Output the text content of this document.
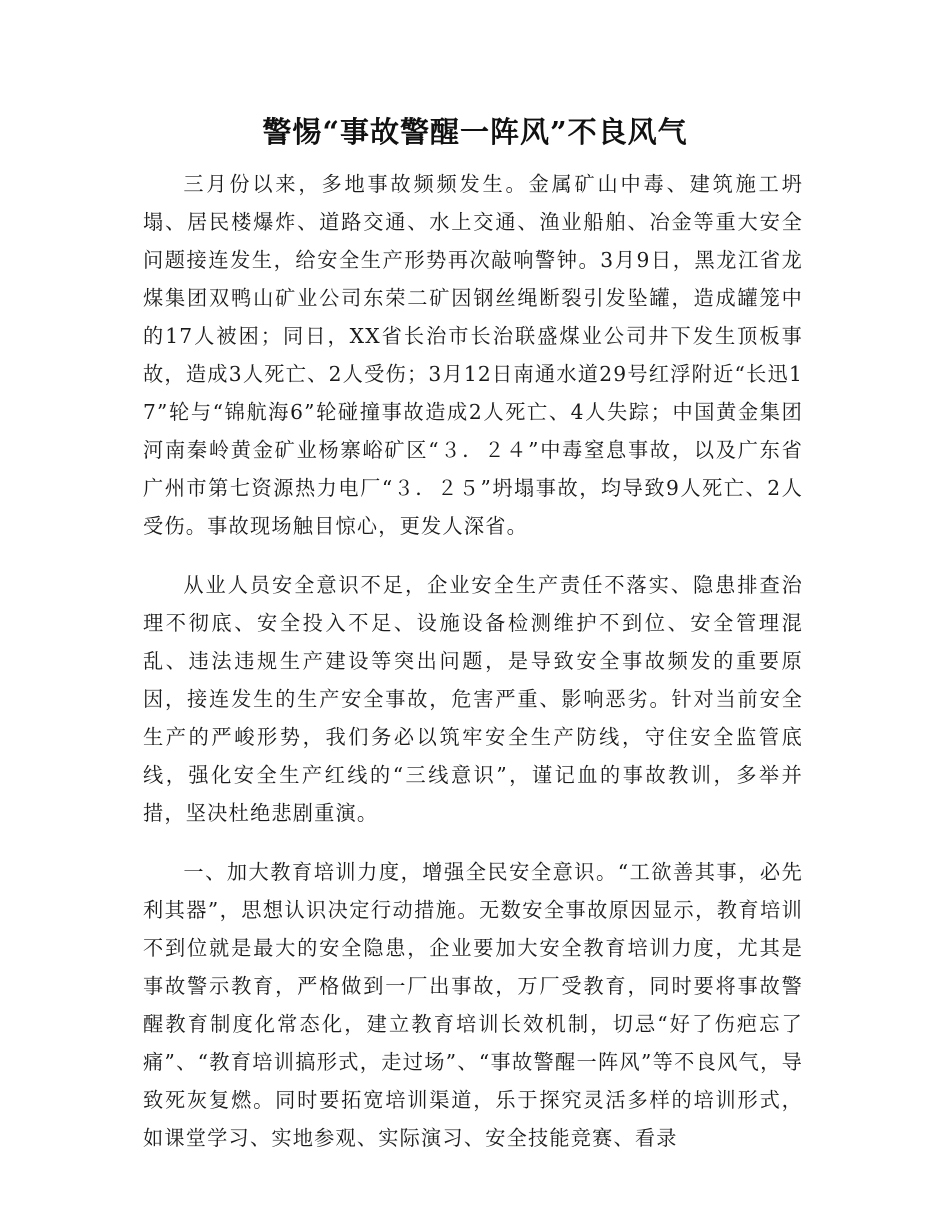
警惕“事故警醒一阵风”不良风气

三月份以来，多地事故频频发生。金属矿山中毒、建筑施工坍塌、居民楼爆炸、道路交通、水上交通、渔业船舶、冶金等重大安全问题接连发生，给安全生产形势再次敲响警钟。3月9日，黑龙江省龙煤集团双鸭山矿业公司东荣二矿因钢丝绳断裂引发坠罐，造成罐笼中的17人被困；同日，XX省长治市长治联盛煤业公司井下发生顶板事故，造成3人死亡、2人受伤；3月12日南通水道29号红浮附近“长迅17”轮与“锦航海6”轮碰撞事故造成2人死亡、4人失踪；中国黄金集团河南秦岭黄金矿业杨寨峪矿区“３．２４”中毒窒息事故，以及广东省广州市第七资源热力电厂“３．２５”坍塌事故，均导致9人死亡、2人受伤。事故现场触目惊心，更发人深省。

从业人员安全意识不足，企业安全生产责任不落实、隐患排查治理不彻底、安全投入不足、设施设备检测维护不到位、安全管理混乱、违法违规生产建设等突出问题，是导致安全事故频发的重要原因，接连发生的生产安全事故，危害严重、影响恶劣。针对当前安全生产的严峻形势，我们务必以筑牢安全生产防线，守住安全监管底线，强化安全生产红线的“三线意识”，谨记血的事故教训，多举并措，坚决杜绝悲剧重演。

一、加大教育培训力度，增强全民安全意识。“工欲善其事，必先利其器”，思想认识决定行动措施。无数安全事故原因显示，教育培训不到位就是最大的安全隐患，企业要加大安全教育培训力度，尤其是事故警示教育，严格做到一厂出事故，万厂受教育，同时要将事故警醒教育制度化常态化，建立教育培训长效机制，切忌“好了伤疤忘了痛”、“教育培训搞形式，走过场”、“事故警醒一阵风”等不良风气，导致死灰复燃。同时要拓宽培训渠道，乐于探究灵活多样的培训形式，如课堂学习、实地参观、实际演习、安全技能竞赛、看录
